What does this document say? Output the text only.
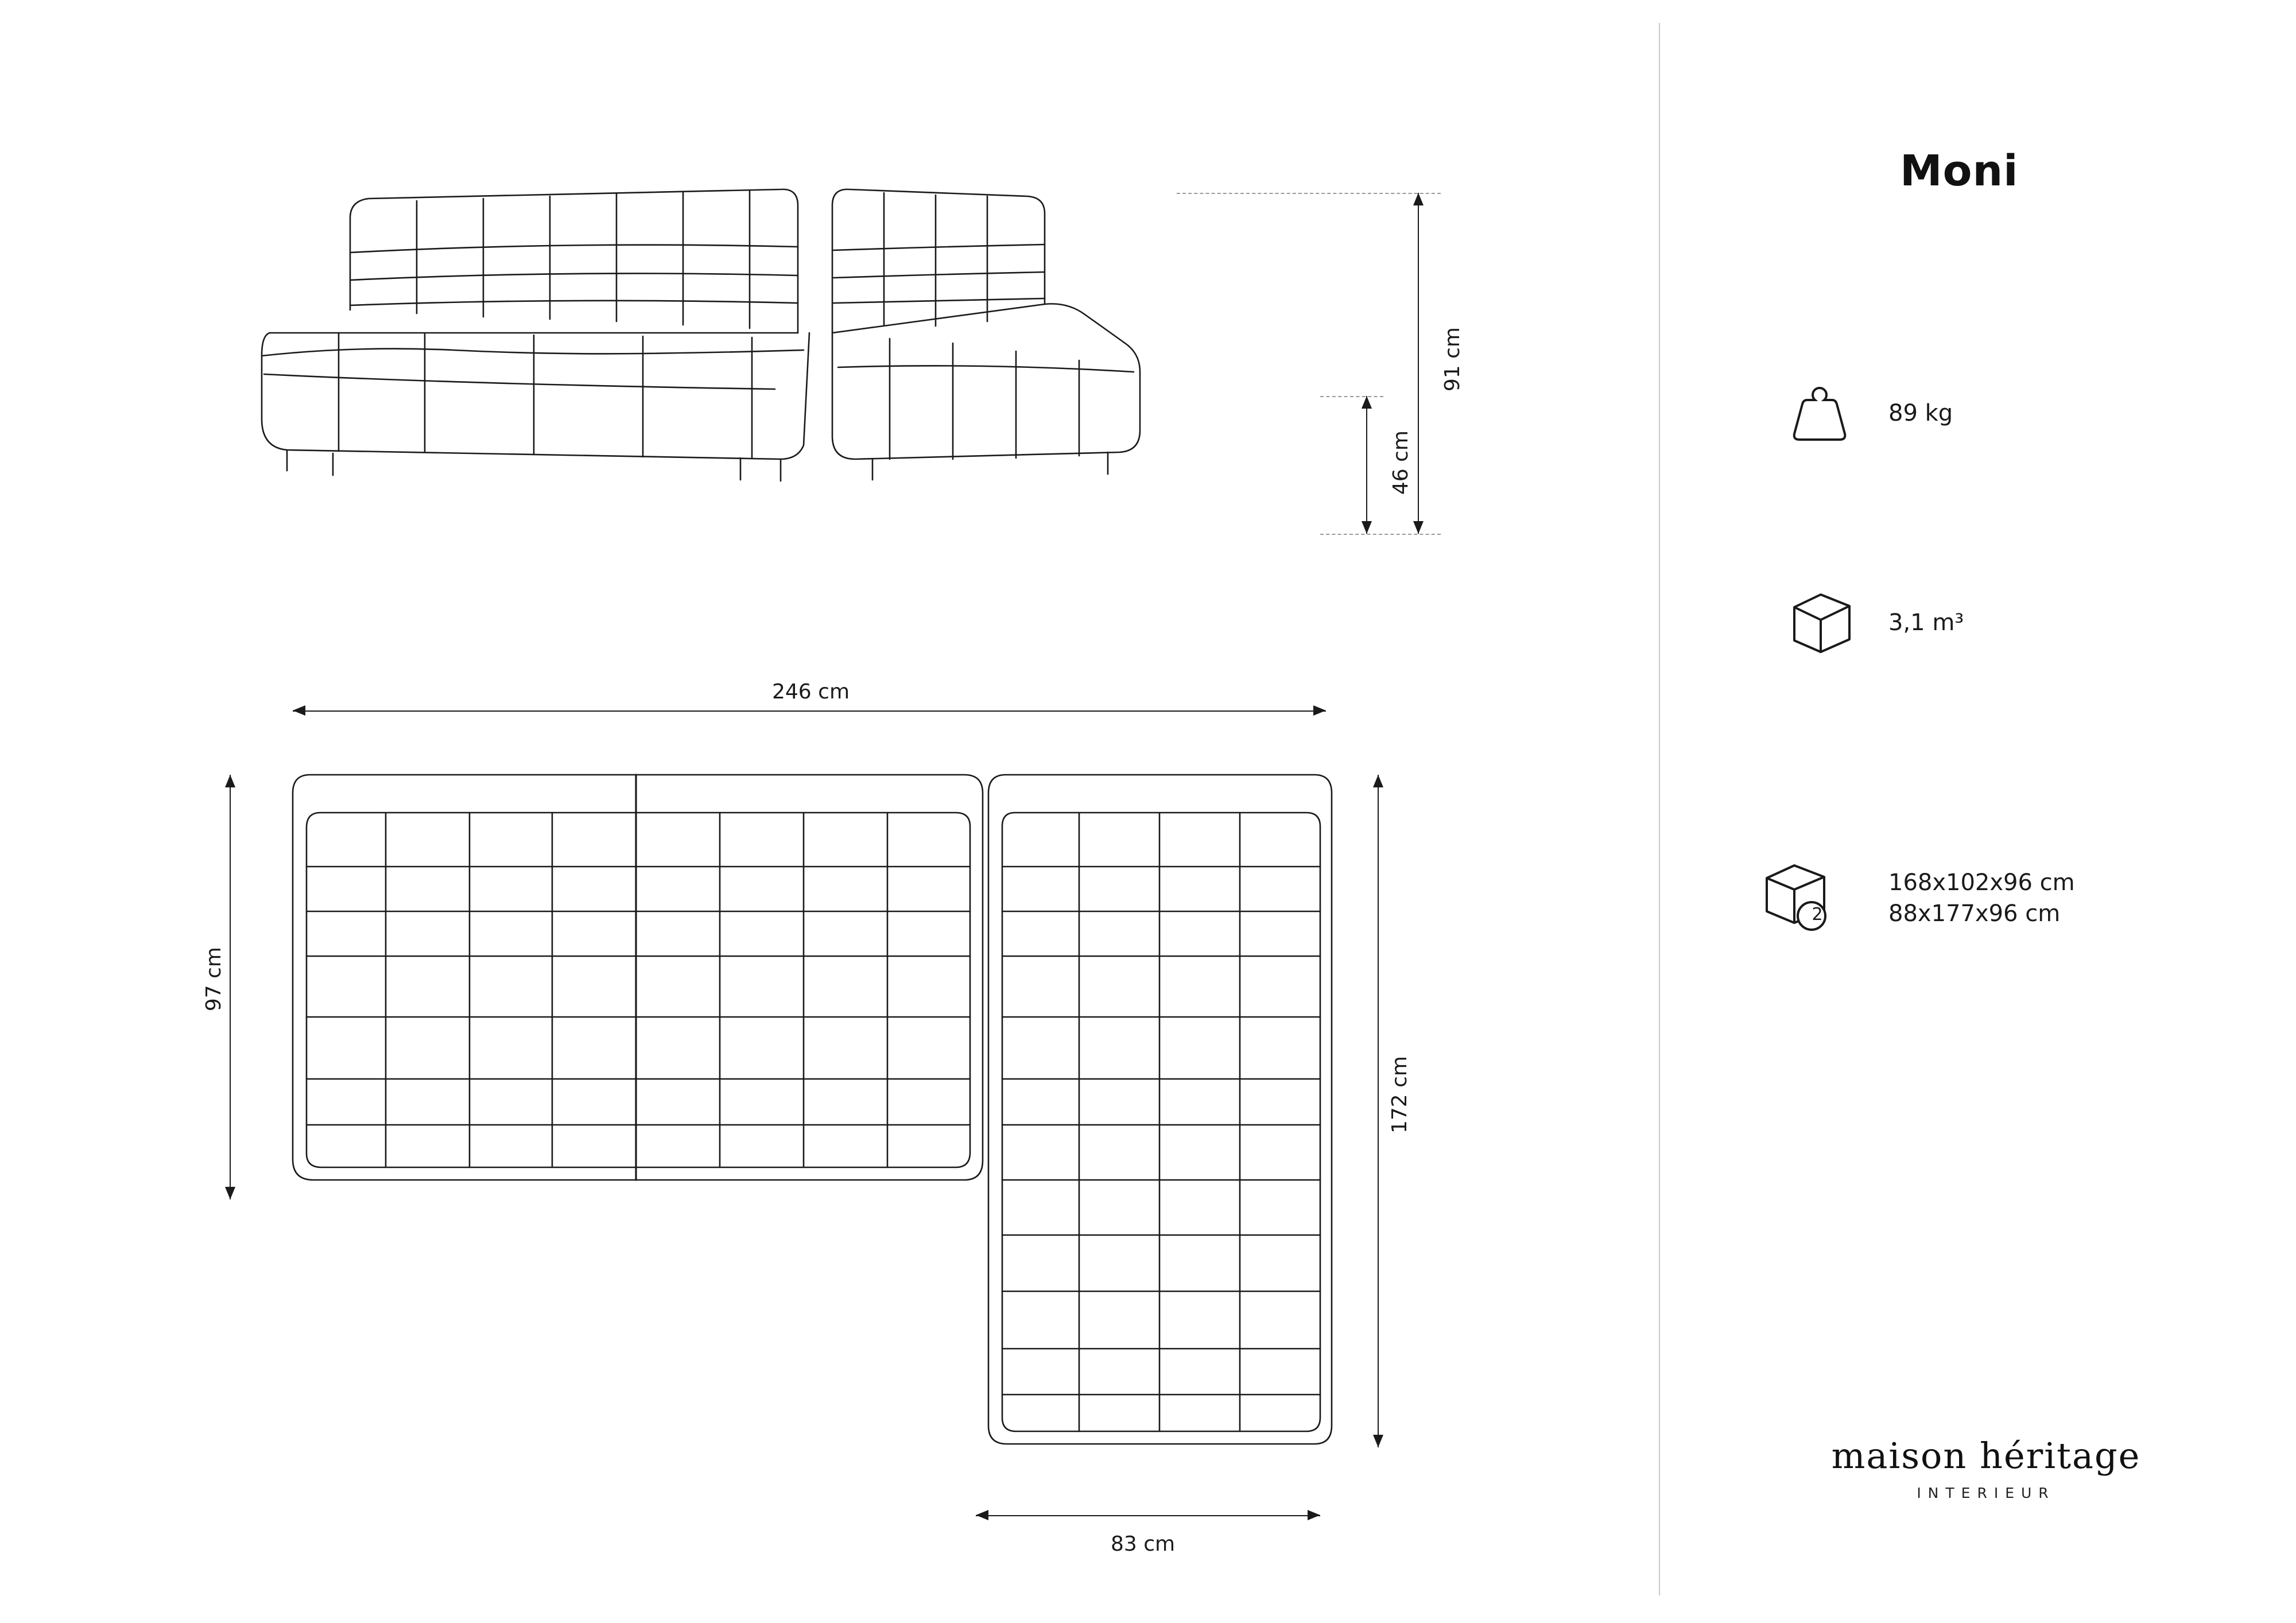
91 cm
46 cm
246 cm
97 cm
172 cm
83 cm
Moni
89 kg
3,1 m³
2
168x102x96 cm
88x177x96 cm
maison héritage
INTERIEUR
